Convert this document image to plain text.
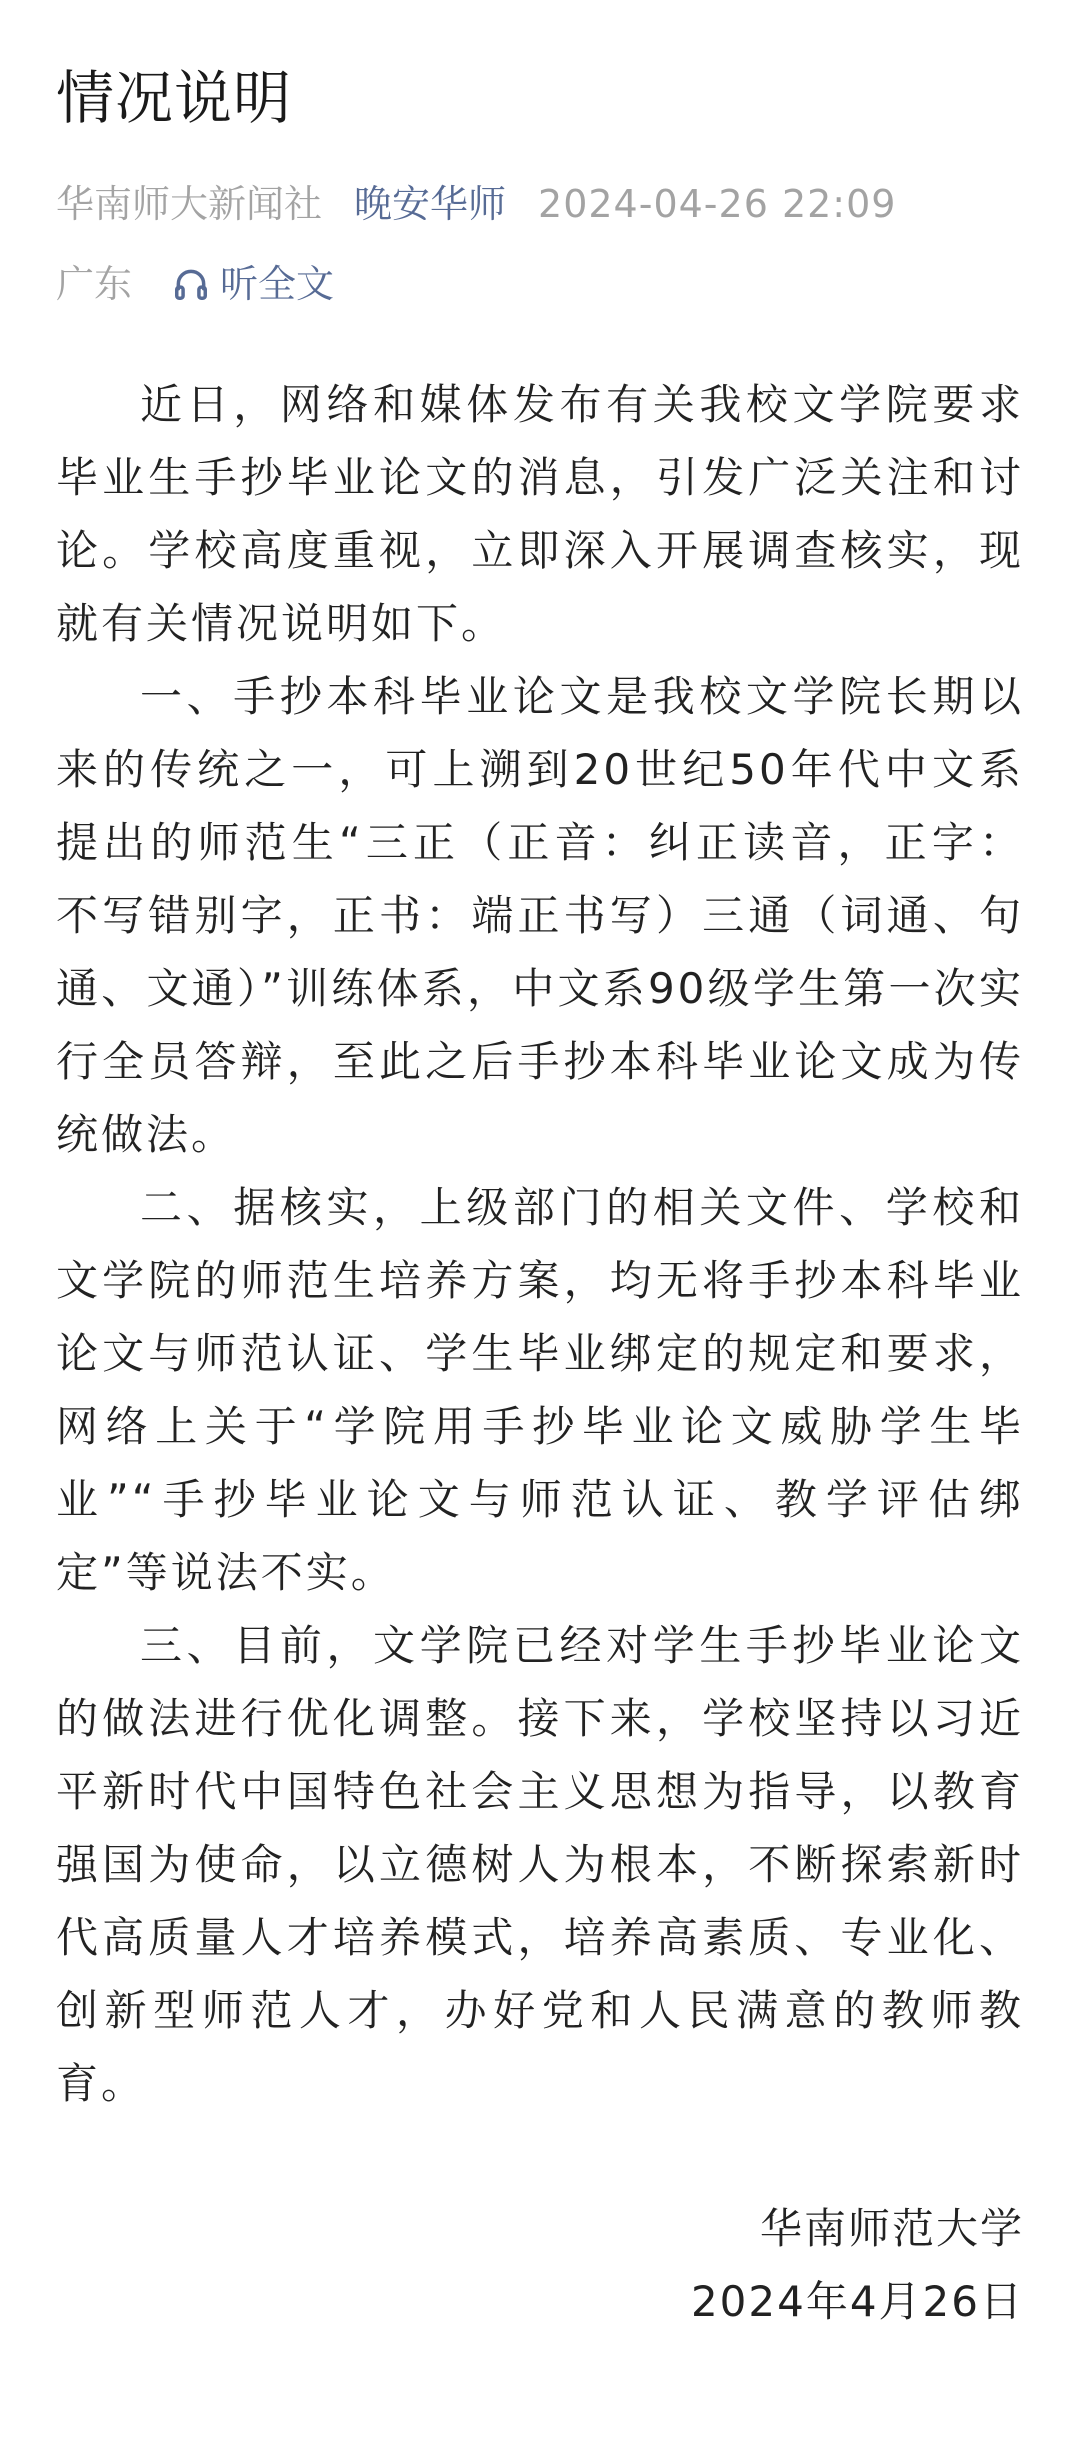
情况说明
华南师大新闻社 晚安华师 2024-04-26 22:09
广东 听全文

近日，网络和媒体发布有关我校文学院要求毕业生手抄毕业论文的消息，引发广泛关注和讨论。学校高度重视，立即深入开展调查核实，现就有关情况说明如下。

一、手抄本科毕业论文是我校文学院长期以来的传统之一，可上溯到20世纪50年代中文系提出的师范生“三正（正音：纠正读音，正字：不写错别字，正书：端正书写）三通（词通、句通、文通）”训练体系，中文系90级学生第一次实行全员答辩，至此之后手抄本科毕业论文成为传统做法。

二、据核实，上级部门的相关文件、学校和文学院的师范生培养方案，均无将手抄本科毕业论文与师范认证、学生毕业绑定的规定和要求，网络上关于“学院用手抄毕业论文威胁学生毕业”“手抄毕业论文与师范认证、教学评估绑定”等说法不实。

三、目前，文学院已经对学生手抄毕业论文的做法进行优化调整。接下来，学校坚持以习近平新时代中国特色社会主义思想为指导，以教育强国为使命，以立德树人为根本，不断探索新时代高质量人才培养模式，培养高素质、专业化、创新型师范人才，办好党和人民满意的教师教育。

华南师范大学
2024年4月26日
